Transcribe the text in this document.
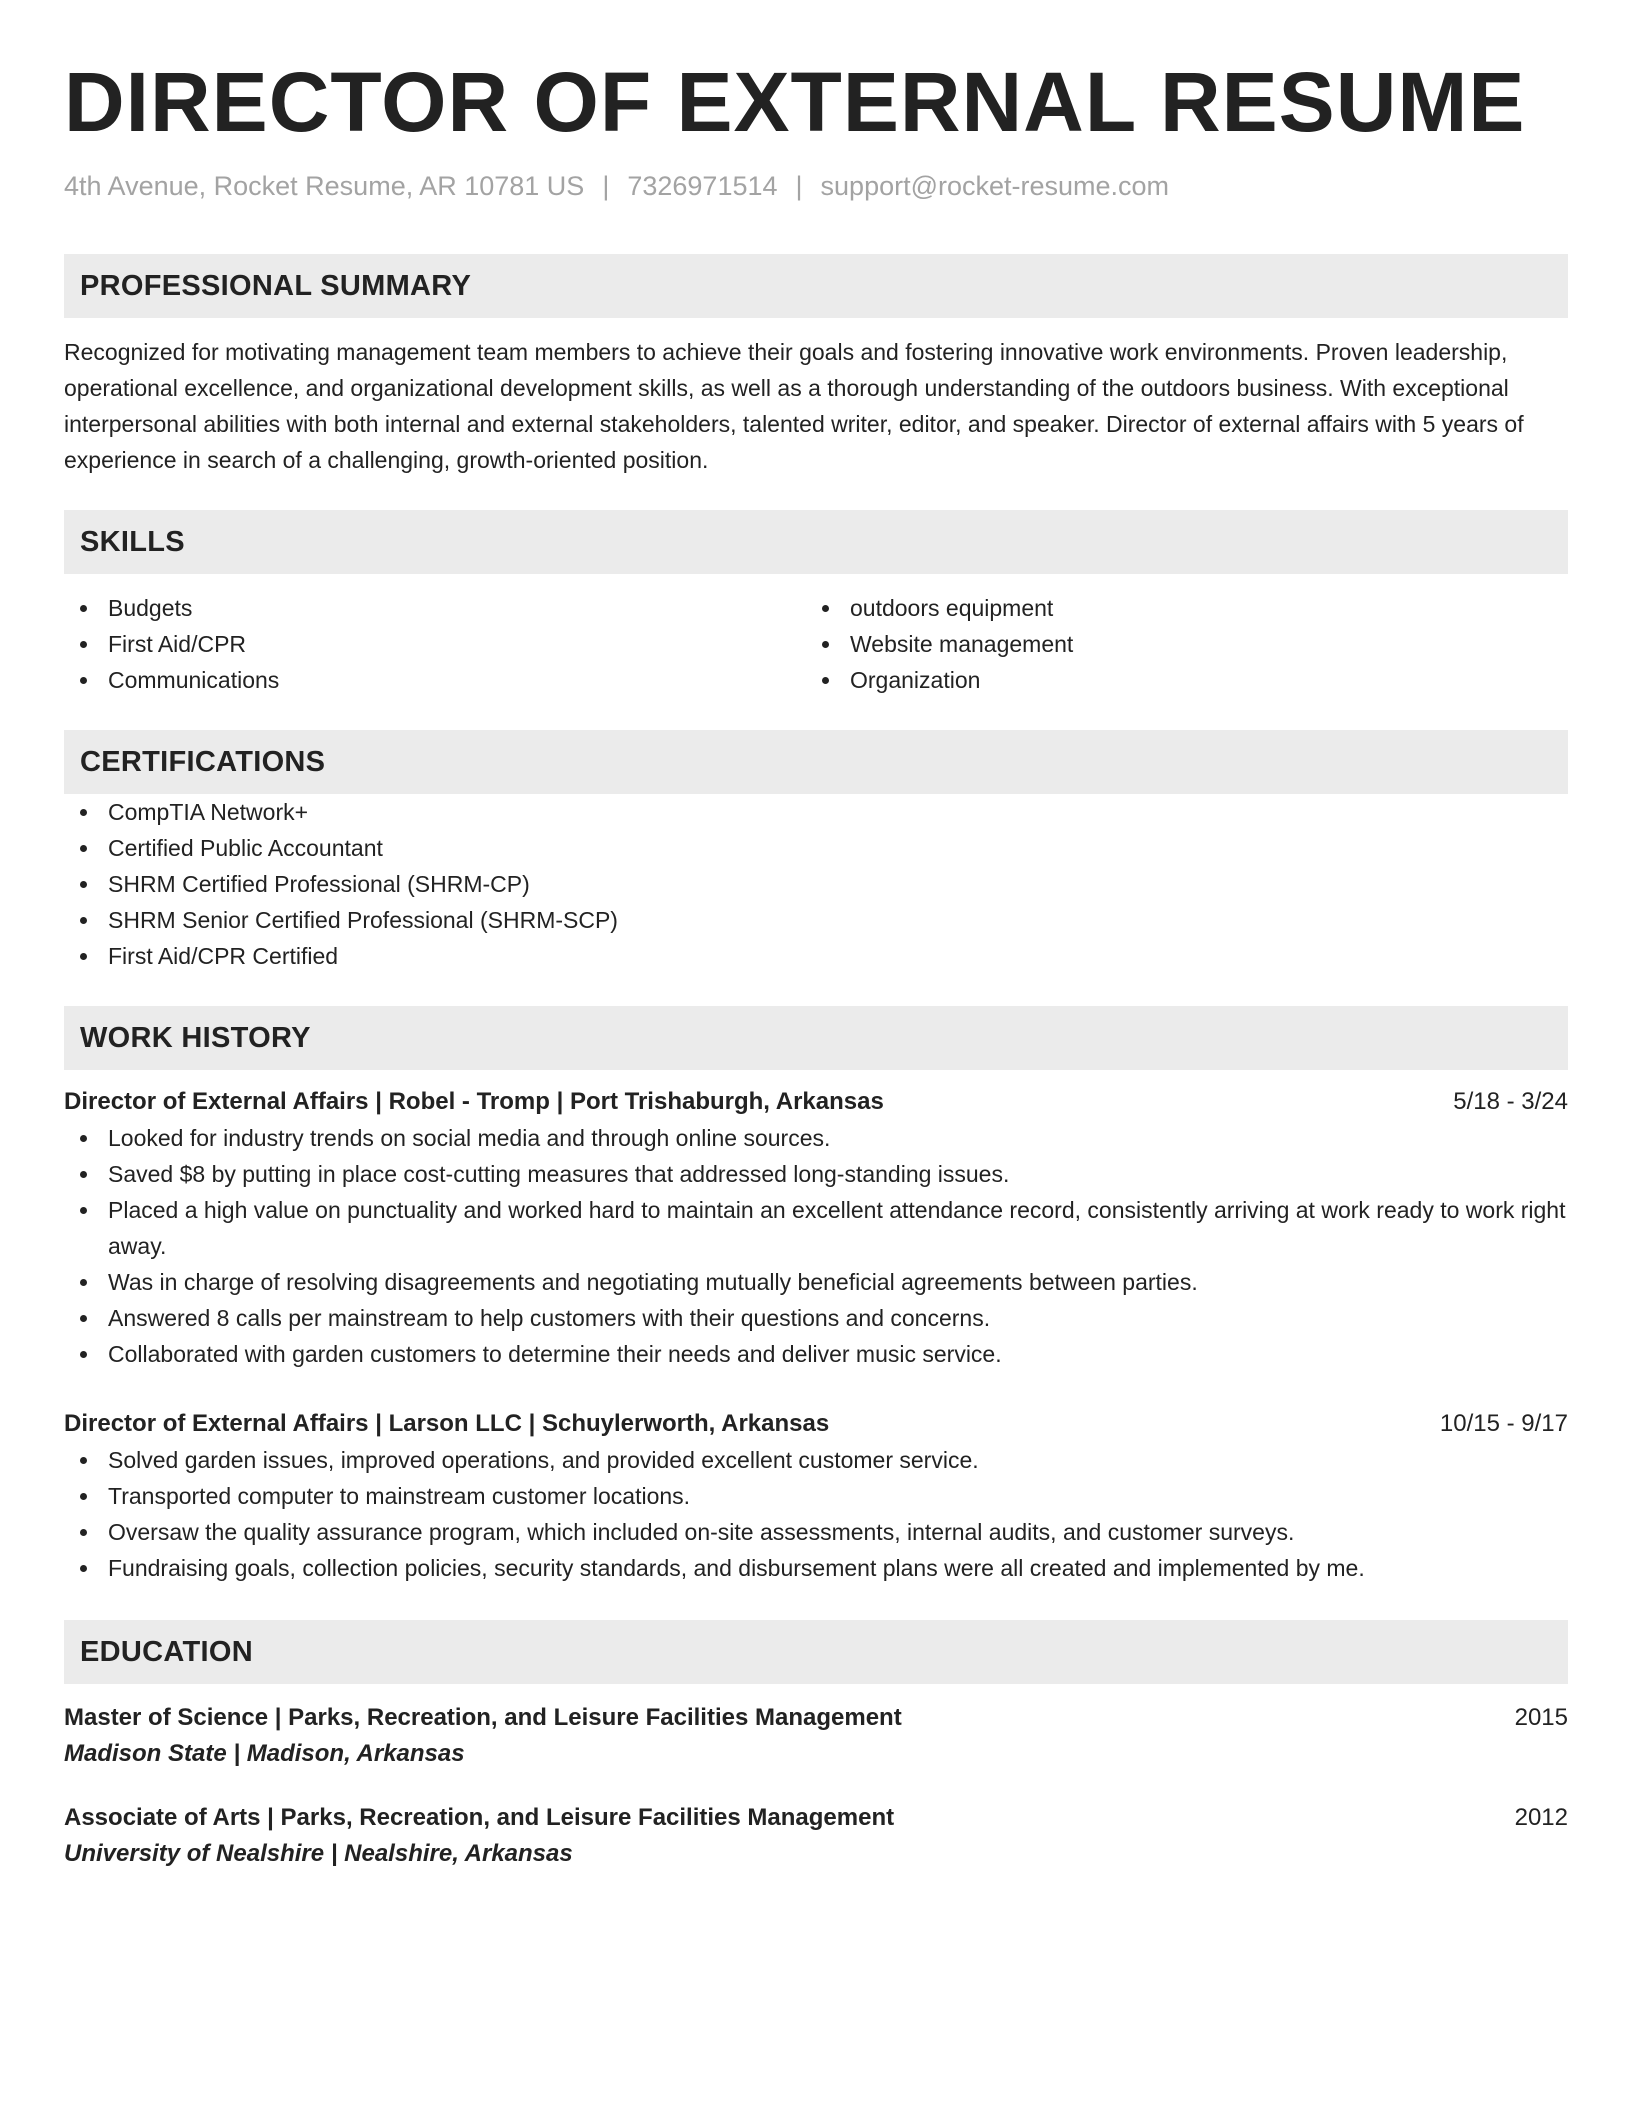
DIRECTOR OF EXTERNAL RESUME
4th Avenue, Rocket Resume, AR 10781 US | 7326971514 | support@rocket-resume.com
PROFESSIONAL SUMMARY

Recognized for motivating management team members to achieve their goals and fostering innovative work environments. Proven leadership, operational excellence, and organizational development skills, as well as a thorough understanding of the outdoors business. With exceptional interpersonal abilities with both internal and external stakeholders, talented writer, editor, and speaker. Director of external affairs with 5 years of experience in search of a challenging, growth-oriented position.

SKILLS
Budgets
First Aid/CPR
Communications
outdoors equipment
Website management
Organization
CERTIFICATIONS
CompTIA Network+
Certified Public Accountant
SHRM Certified Professional (SHRM-CP)
SHRM Senior Certified Professional (SHRM-SCP)
First Aid/CPR Certified
WORK HISTORY
Director of External Affairs | Robel - Tromp | Port Trishaburgh, Arkansas	5/18 - 3/24
Looked for industry trends on social media and through online sources.
Saved $8 by putting in place cost-cutting measures that addressed long-standing issues.
Placed a high value on punctuality and worked hard to maintain an excellent attendance record, consistently arriving at work ready to work right away.
Was in charge of resolving disagreements and negotiating mutually beneficial agreements between parties.
Answered 8 calls per mainstream to help customers with their questions and concerns.
Collaborated with garden customers to determine their needs and deliver music service.
Director of External Affairs | Larson LLC | Schuylerworth, Arkansas	10/15 - 9/17
Solved garden issues, improved operations, and provided excellent customer service.
Transported computer to mainstream customer locations.
Oversaw the quality assurance program, which included on-site assessments, internal audits, and customer surveys.
Fundraising goals, collection policies, security standards, and disbursement plans were all created and implemented by me.
EDUCATION
Master of Science | Parks, Recreation, and Leisure Facilities Management	2015
Madison State | Madison, Arkansas
Associate of Arts | Parks, Recreation, and Leisure Facilities Management	2012
University of Nealshire | Nealshire, Arkansas
